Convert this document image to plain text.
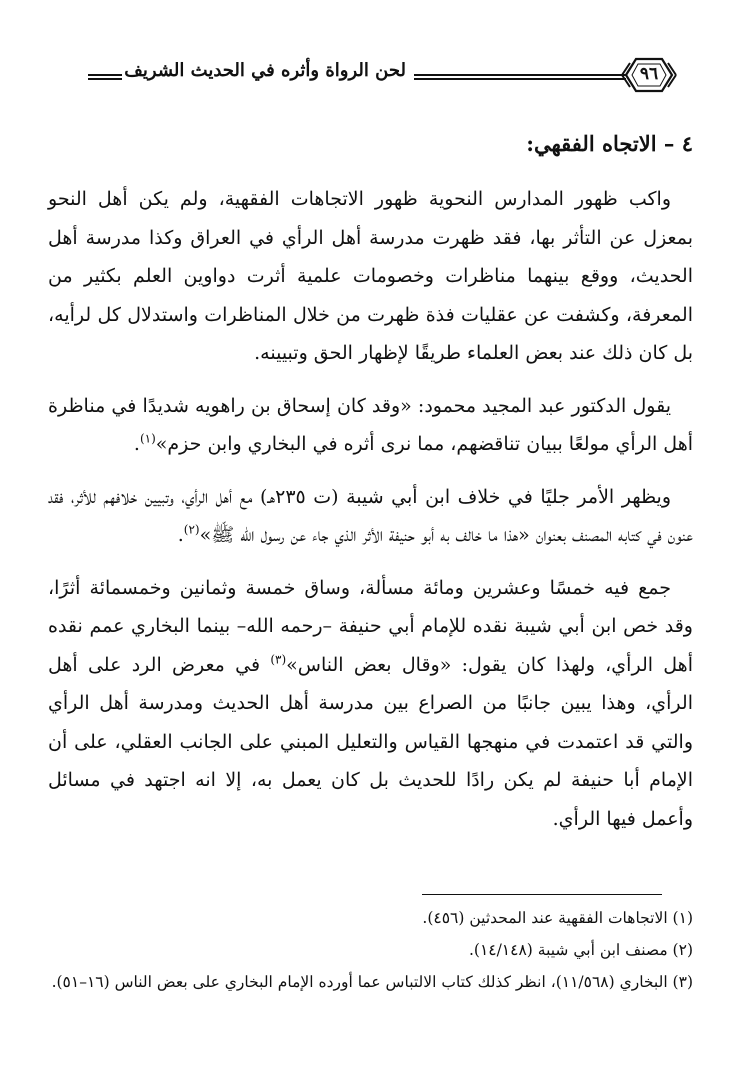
لحن الرواة وأثره في الحديث الشريف	٩٦
٤ – الاتجاه الفقهي:

واكب ظهور المدارس النحوية ظهور الاتجاهات الفقهية، ولم يكن أهل النحو بمعزل عن التأثر بها، فقد ظهرت مدرسة أهل الرأي في العراق وكذا مدرسة أهل الحديث، ووقع بينهما مناظرات وخصومات علمية أثرت دواوين العلم بكثير من المعرفة، وكشفت عن عقليات فذة ظهرت من خلال المناظرات واستدلال كل لرأيه، بل كان ذلك عند بعض العلماء طريقًا لإظهار الحق وتبيينه.

يقول الدكتور عبد المجيد محمود: «وقد كان إسحاق بن راهويه شديدًا في مناظرة أهل الرأي مولعًا ببيان تناقضهم، مما نرى أثره في البخاري وابن حزم»$^{(١)}$.

ويظهر الأمر جليًا في خلاف ابن أبي شيبة (ت ٢٣٥هـ) مع أهل الرأي، وتبيين خلافهم للأثر، فقد عنون في كتابه المصنف بعنوان «هذا ما خالف به أبو حنيفة الأثر الذي جاء عن رسول الله ﷺ»$^{(٢)}$.

جمع فيه خمسًا وعشرين ومائة مسألة، وساق خمسة وثمانين وخمسمائة أثرًا، وقد خص ابن أبي شيبة نقده للإمام أبي حنيفة –رحمه الله– بينما البخاري عمم نقده أهل الرأي، ولهذا كان يقول: «وقال بعض الناس»$^{(٣)}$ في معرض الرد على أهل الرأي، وهذا يبين جانبًا من الصراع بين مدرسة أهل الحديث ومدرسة أهل الرأي والتي قد اعتمدت في منهجها القياس والتعليل المبني على الجانب العقلي، على أن الإمام أبا حنيفة لم يكن رادًا للحديث بل كان يعمل به، إلا انه اجتهد في مسائل وأعمل فيها الرأي.

(١) الاتجاهات الفقهية عند المحدثين (٤٥٦).
(٢) مصنف ابن أبي شيبة (١٤/١٤٨).
(٣) البخاري (١١/٥٦٨)، انظر كذلك كتاب الالتباس عما أورده الإمام البخاري على بعض الناس (١٦–٥١).
